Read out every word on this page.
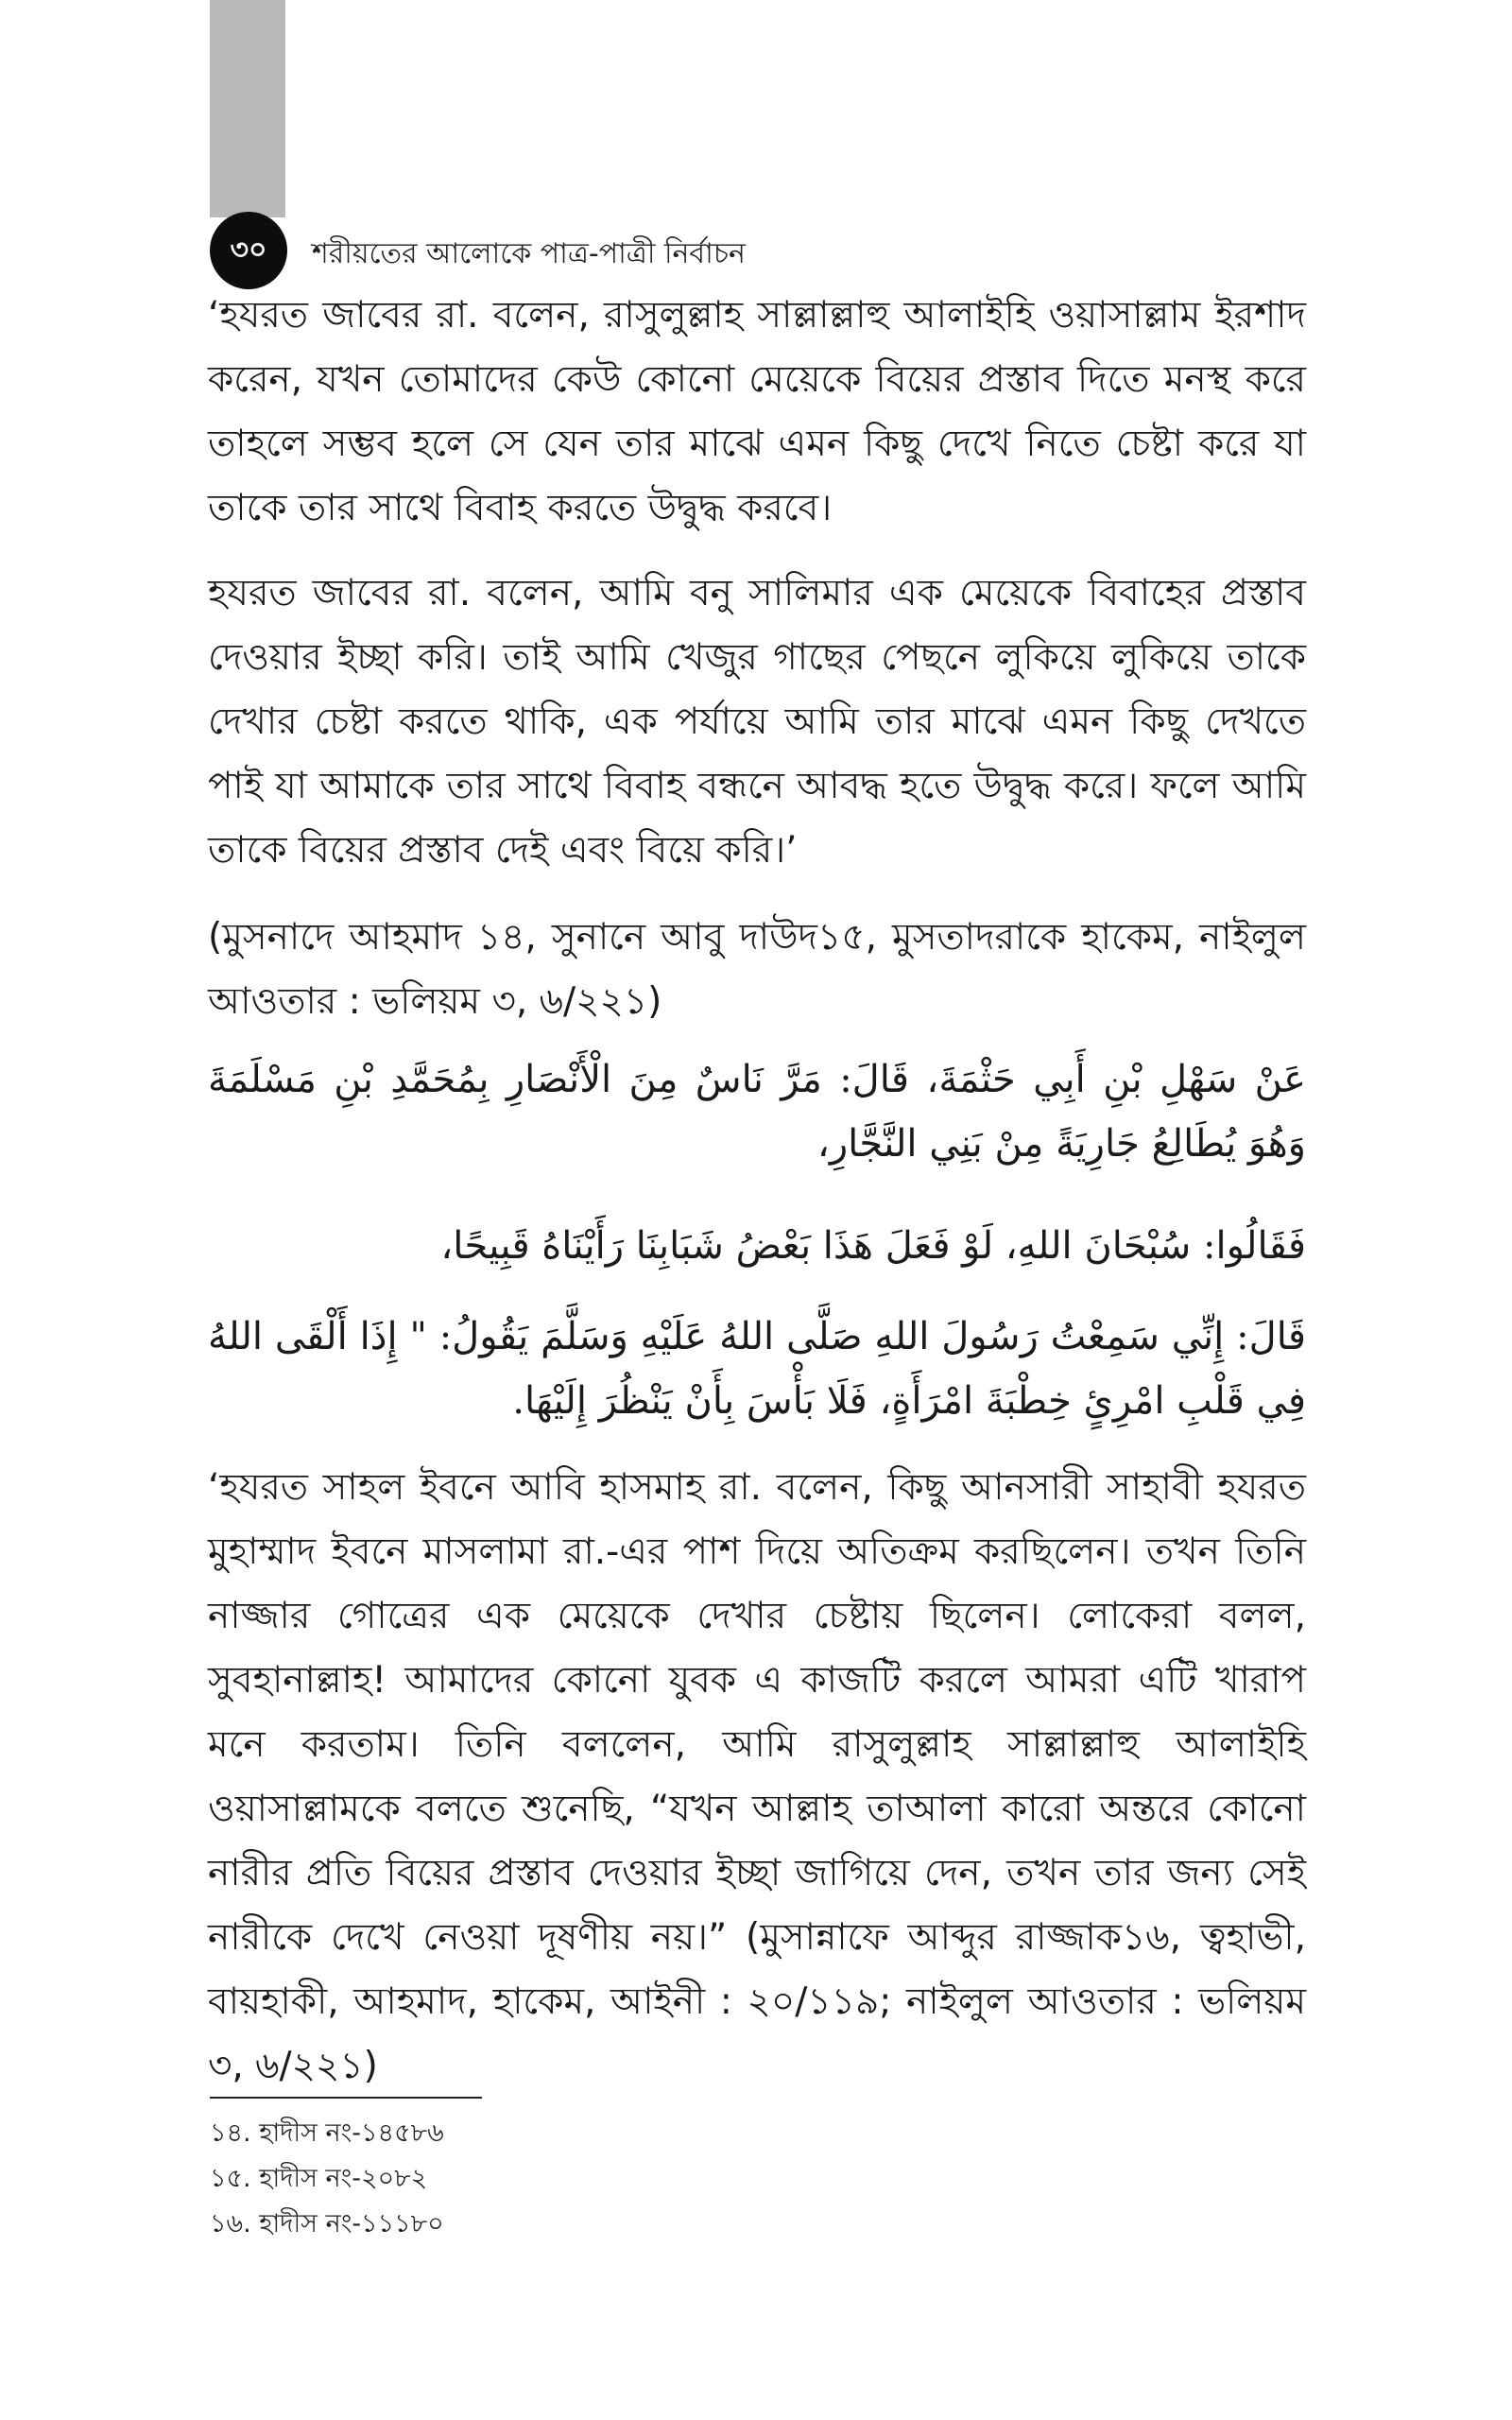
৩০	শরীয়তের আলোকে পাত্র-পাত্রী নির্বাচন

‘হযরত জাবের রা. বলেন, রাসুলুল্লাহ সাল্লাল্লাহু আলাইহি ওয়াসাল্লাম ইরশাদ করেন, যখন তোমাদের কেউ কোনো মেয়েকে বিয়ের প্রস্তাব দিতে মনস্থ করে তাহলে সম্ভব হলে সে যেন তার মাঝে এমন কিছু দেখে নিতে চেষ্টা করে যা তাকে তার সাথে বিবাহ করতে উদ্বুদ্ধ করবে।

হযরত জাবের রা. বলেন, আমি বনু সালিমার এক মেয়েকে বিবাহের প্রস্তাব দেওয়ার ইচ্ছা করি। তাই আমি খেজুর গাছের পেছনে লুকিয়ে লুকিয়ে তাকে দেখার চেষ্টা করতে থাকি, এক পর্যায়ে আমি তার মাঝে এমন কিছু দেখতে পাই যা আমাকে তার সাথে বিবাহ বন্ধনে আবদ্ধ হতে উদ্বুদ্ধ করে। ফলে আমি তাকে বিয়ের প্রস্তাব দেই এবং বিয়ে করি।’

(মুসনাদে আহমাদ ১৪, সুনানে আবু দাউদ১৫, মুসতাদরাকে হাকেম, নাইলুল আওতার : ভলিয়ম ৩, ৬/২২১)

عَنْ سَهْلِ بْنِ أَبِي حَثْمَةَ، قَالَ: مَرَّ نَاسٌ مِنَ الْأَنْصَارِ بِمُحَمَّدِ بْنِ مَسْلَمَةَ وَهُوَ يُطَالِعُ جَارِيَةً مِنْ بَنِي النَّجَّارِ،

فَقَالُوا: سُبْحَانَ اللهِ، لَوْ فَعَلَ هَذَا بَعْضُ شَبَابِنَا رَأَيْنَاهُ قَبِيحًا،

قَالَ: إِنِّي سَمِعْتُ رَسُولَ اللهِ صَلَّى اللهُ عَلَيْهِ وَسَلَّمَ يَقُولُ: " إِذَا أَلْقَى اللهُ فِي قَلْبِ امْرِئٍ خِطْبَةَ امْرَأَةٍ، فَلَا بَأْسَ بِأَنْ يَنْظُرَ إِلَيْهَا.

‘হযরত সাহল ইবনে আবি হাসমাহ রা. বলেন, কিছু আনসারী সাহাবী হযরত মুহাম্মাদ ইবনে মাসলামা রা.-এর পাশ দিয়ে অতিক্রম করছিলেন। তখন তিনি নাজ্জার গোত্রের এক মেয়েকে দেখার চেষ্টায় ছিলেন। লোকেরা বলল, সুবহানাল্লাহ! আমাদের কোনো যুবক এ কাজটি করলে আমরা এটি খারাপ মনে করতাম। তিনি বললেন, আমি রাসুলুল্লাহ সাল্লাল্লাহু আলাইহি ওয়াসাল্লামকে বলতে শুনেছি, “যখন আল্লাহ তাআলা কারো অন্তরে কোনো নারীর প্রতি বিয়ের প্রস্তাব দেওয়ার ইচ্ছা জাগিয়ে দেন, তখন তার জন্য সেই নারীকে দেখে নেওয়া দূষণীয় নয়।” (মুসান্নাফে আব্দুর রাজ্জাক১৬, ত্বহাভী, বায়হাকী, আহমাদ, হাকেম, আইনী : ২০/১১৯; নাইলুল আওতার : ভলিয়ম ৩, ৬/২২১)

১৪. হাদীস নং-১৪৫৮৬
১৫. হাদীস নং-২০৮২
১৬. হাদীস নং-১১১৮০
